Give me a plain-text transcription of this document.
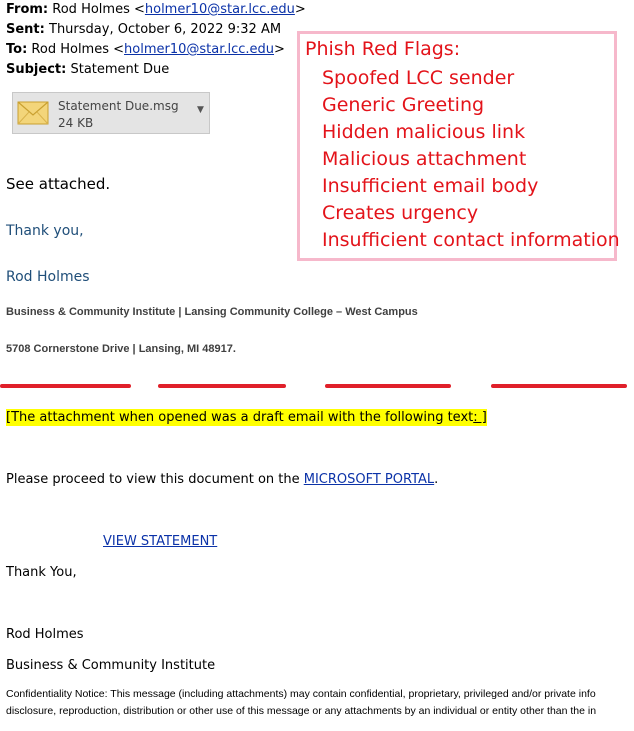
From: Rod Holmes <holmer10@star.lcc.edu>
Sent: Thursday, October 6, 2022 9:32 AM
To: Rod Holmes <holmer10@star.lcc.edu>
Subject: Statement Due
Statement Due.msg
24 KB
▼
Phish Red Flags:
Spoofed LCC sender
Generic Greeting
Hidden malicious link
Malicious attachment
Insufficient email body
Creates urgency
Insufficient contact information
See attached.
Thank you,
Rod Holmes
Business & Community Institute | Lansing Community College – West Campus
5708 Cornerstone Drive | Lansing, MI 48917.
[The attachment when opened was a draft email with the following text: ]
Please proceed to view this document on the MICROSOFT PORTAL.
VIEW STATEMENT
Thank You,
Rod Holmes
Business & Community Institute
Confidentiality Notice: This message (including attachments) may contain confidential, proprietary, privileged and/or private info
disclosure, reproduction, distribution or other use of this message or any attachments by an individual or entity other than the in
